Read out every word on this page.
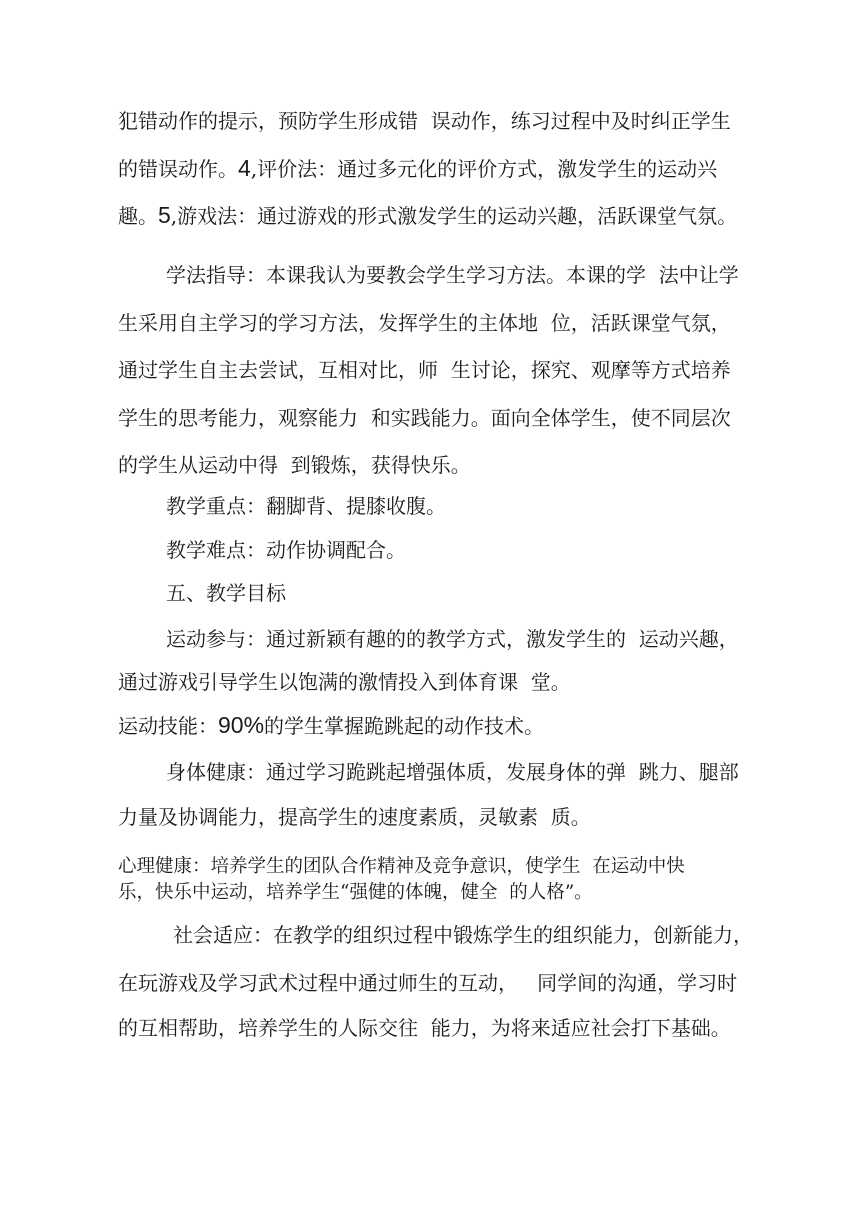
犯错动作的提示，预防学生形成错  误动作，练习过程中及时纠正学生
的错误动作。4,评价法：通过多元化的评价方式，激发学生的运动兴
趣。5,游戏法：通过游戏的形式激发学生的运动兴趣，活跃课堂气氛。
学法指导：本课我认为要教会学生学习方法。本课的学  法中让学
生采用自主学习的学习方法，发挥学生的主体地  位，活跃课堂气氛，
通过学生自主去尝试，互相对比，师  生讨论，探究、观摩等方式培养
学生的思考能力，观察能力  和实践能力。面向全体学生，使不同层次
的学生从运动中得  到锻炼，获得快乐。
教学重点：翻脚背、提膝收腹。
教学难点：动作协调配合。
五、教学目标
运动参与：通过新颖有趣的的教学方式，激发学生的  运动兴趣，
通过游戏引导学生以饱满的激情投入到体育课  堂。
运动技能：90%的学生掌握跪跳起的动作技术。
身体健康：通过学习跪跳起增强体质，发展身体的弹  跳力、腿部
力量及协调能力，提高学生的速度素质，灵敏素  质。
心理健康：培养学生的团队合作精神及竞争意识，使学生  在运动中快
乐，快乐中运动，培养学生“强健的体魄，健全  的人格”。
社会适应：在教学的组织过程中锻炼学生的组织能力，创新能力，
在玩游戏及学习武术过程中通过师生的互动，   同学间的沟通，学习时
的互相帮助，培养学生的人际交往  能力，为将来适应社会打下基础。
